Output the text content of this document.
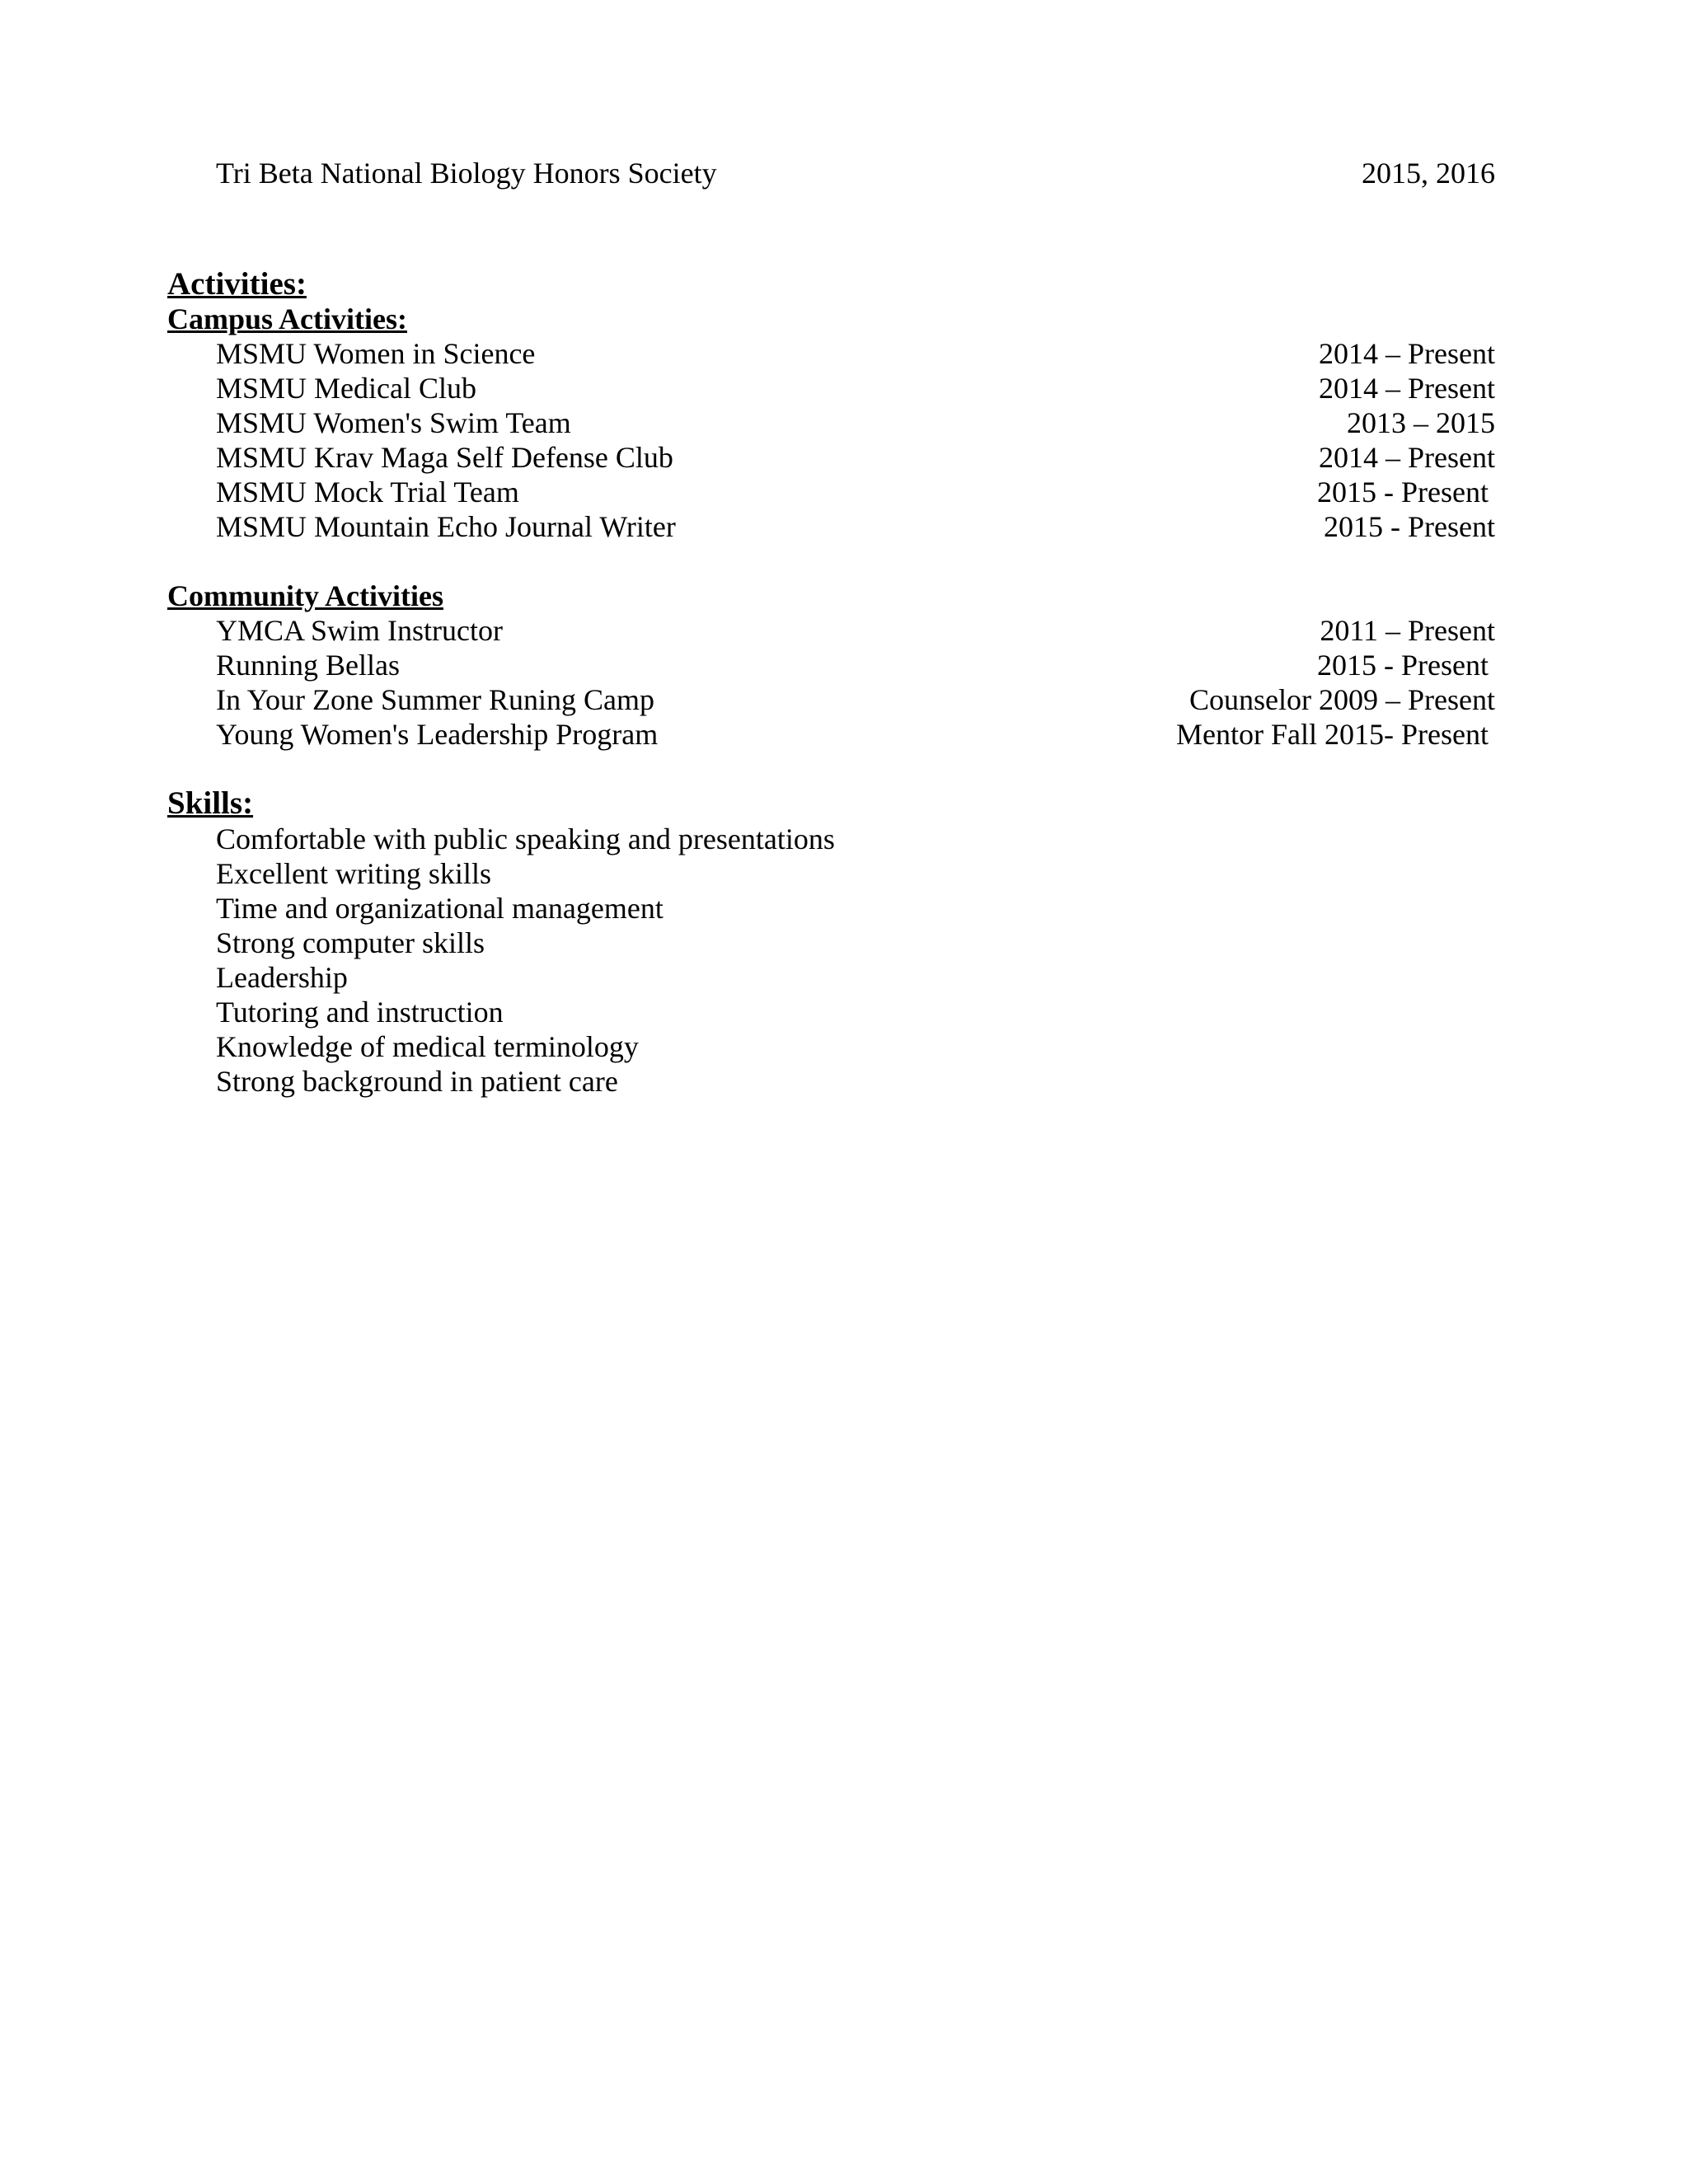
Tri Beta National Biology Honors Society	2015, 2016
Activities:
Campus Activities:
MSMU Women in Science	2014 – Present
MSMU Medical Club	2014 – Present
MSMU Women's Swim Team	2013 – 2015
MSMU Krav Maga Self Defense Club	2014 – Present
MSMU Mock Trial Team	2015 - Present
MSMU Mountain Echo Journal Writer	2015 - Present
Community Activities
YMCA Swim Instructor	2011 – Present
Running Bellas	2015 - Present
In Your Zone Summer Runing Camp	Counselor 2009 – Present
Young Women's Leadership Program	Mentor Fall 2015- Present
Skills:
Comfortable with public speaking and presentations
Excellent writing skills
Time and organizational management
Strong computer skills
Leadership
Tutoring and instruction
Knowledge of medical terminology
Strong background in patient care
